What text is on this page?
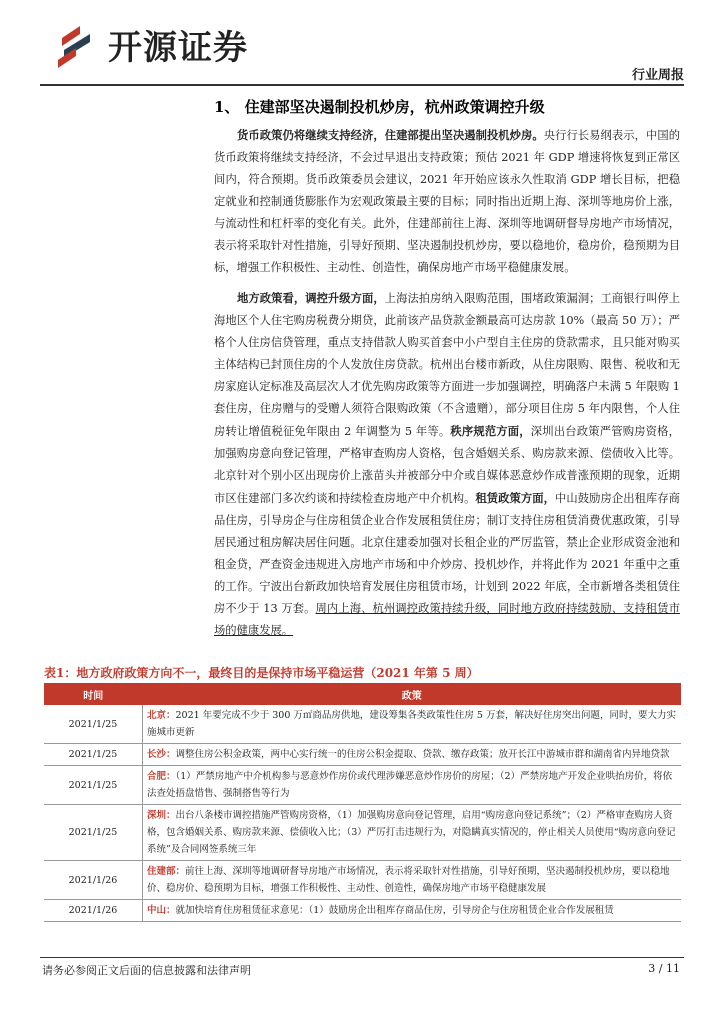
开源证券
行业周报
1、 住建部坚决遏制投机炒房，杭州政策调控升级
货币政策仍将继续支持经济，住建部提出坚决遏制投机炒房。央行行长易纲表示，中国的货币政策将继续支持经济，不会过早退出支持政策；预估 2021 年 GDP 增速将恢复到正常区间内，符合预期。货币政策委员会建议，2021 年开始应该永久性取消 GDP 增长目标，把稳定就业和控制通货膨胀作为宏观政策最主要的目标；同时指出近期上海、深圳等地房价上涨，与流动性和杠杆率的变化有关。此外，住建部前往上海、深圳等地调研督导房地产市场情况，表示将采取针对性措施，引导好预期、坚决遏制投机炒房，要以稳地价，稳房价，稳预期为目标，增强工作积极性、主动性、创造性，确保房地产市场平稳健康发展。
地方政策看，调控升级方面，上海法拍房纳入限购范围，围堵政策漏洞；工商银行叫停上海地区个人住宅购房税费分期贷，此前该产品贷款金额最高可达房款 10%（最高 50 万）；严格个人住房信贷管理，重点支持借款人购买首套中小户型自主住房的贷款需求，且只能对购买主体结构已封顶住房的个人发放住房贷款。杭州出台楼市新政，从住房限购、限售、税收和无房家庭认定标准及高层次人才优先购房政策等方面进一步加强调控，明确落户未满 5 年限购 1 套住房，住房赠与的受赠人须符合限购政策（不含遗赠），部分项目住房 5 年内限售，个人住房转让增值税征免年限由 2 年调整为 5 年等。秩序规范方面，深圳出台政策严管购房资格，加强购房意向登记管理，严格审查购房人资格，包含婚姻关系、购房款来源、偿债收入比等。北京针对个别小区出现房价上涨苗头并被部分中介或自媒体恶意炒作成普涨预期的现象，近期市区住建部门多次约谈和持续检查房地产中介机构。租赁政策方面，中山鼓励房企出租库存商品住房，引导房企与住房租赁企业合作发展租赁住房；制订支持住房租赁消费优惠政策，引导居民通过租房解决居住问题。北京住建委加强对长租企业的严厉监管，禁止企业形成资金池和租金贷，严查资金违规进入房地产市场和中介炒房、投机炒作，并将此作为 2021 年重中之重的工作。宁波出台新政加快培育发展住房租赁市场，计划到 2022 年底，全市新增各类租赁住房不少于 13 万套。周内上海、杭州调控政策持续升级，同时地方政府持续鼓励、支持租赁市场的健康发展。
表1：地方政府政策方向不一，最终目的是保持市场平稳运营（2021 年第 5 周）
时间	政策
2021/1/25	北京：2021 年要完成不少于 300 万㎡商品房供地，建设筹集各类政策性住房 5 万套，解决好住房突出问题，同时，要大力实施城市更新
2021/1/25	长沙：调整住房公积金政策，两中心实行统一的住房公积金提取、贷款、缴存政策；放开长江中游城市群和湖南省内异地贷款
2021/1/25	合肥：（1）严禁房地产中介机构参与恶意炒作房价或代理涉嫌恶意炒作房价的房屋；（2）严禁房地产开发企业哄抬房价，将依法查处捂盘惜售、强制搭售等行为
2021/1/25	深圳：出台八条楼市调控措施严管购房资格，（1）加强购房意向登记管理，启用“购房意向登记系统”；（2）严格审查购房人资格，包含婚姻关系、购房款来源、偿债收入比；（3）严厉打击违规行为，对隐瞒真实情况的，停止相关人员使用“购房意向登记系统”及合同网签系统三年
2021/1/26	住建部：前往上海、深圳等地调研督导房地产市场情况，表示将采取针对性措施，引导好预期，坚决遏制投机炒房，要以稳地价、稳房价、稳预期为目标，增强工作积极性、主动性、创造性，确保房地产市场平稳健康发展
2021/1/26	中山：就加快培育住房租赁征求意见：（1）鼓励房企出租库存商品住房，引导房企与住房租赁企业合作发展租赁
请务必参阅正文后面的信息披露和法律声明	3 / 11
